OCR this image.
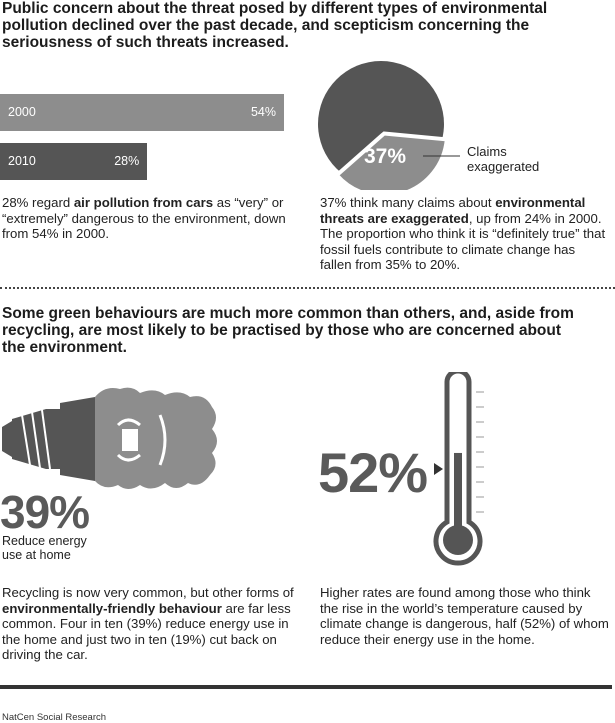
Public concern about the threat posed by different types of environmental pollution declined over the past decade, and scepticism concerning the seriousness of such threats increased.
2000	54%
2010	28%
28% regard air pollution from cars as “very” or “extremely” dangerous to the environment, down from 54% in 2000.
37%	Claims exaggerated
37% think many claims about environmental threats are exaggerated, up from 24% in 2000. The proportion who think it is “definitely true” that fossil fuels contribute to climate change has fallen from 35% to 20%.
Some green behaviours are much more common than others, and, aside from recycling, are most likely to be practised by those who are concerned about the environment.
39%
Reduce energy use at home
52%
Recycling is now very common, but other forms of environmentally-friendly behaviour are far less common. Four in ten (39%) reduce energy use in the home and just two in ten (19%) cut back on driving the car.
Higher rates are found among those who think the rise in the world’s temperature caused by climate change is dangerous, half (52%) of whom reduce their energy use in the home.
NatCen Social Research
